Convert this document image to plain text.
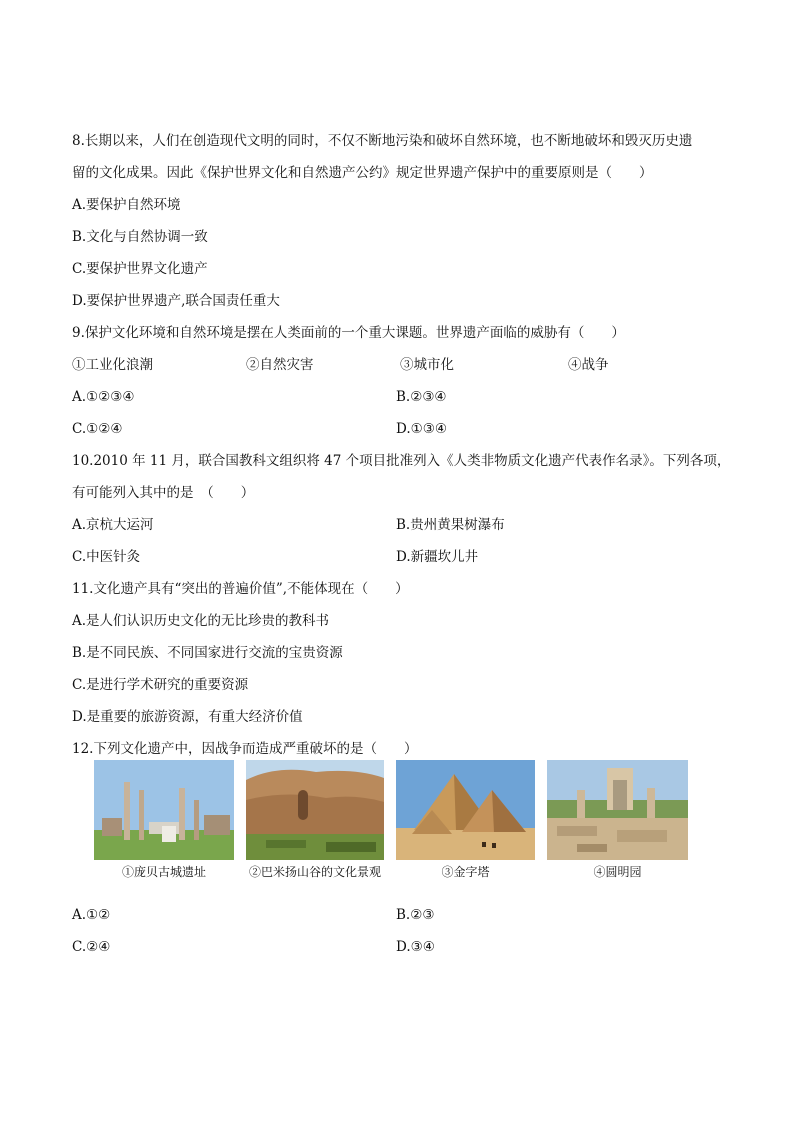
8.长期以来，人们在创造现代文明的同时，不仅不断地污染和破坏自然环境，也不断地破坏和毁灭历史遗
留的文化成果。因此《保护世界文化和自然遗产公约》规定世界遗产保护中的重要原则是（　　）
A.要保护自然环境
B.文化与自然协调一致
C.要保护世界文化遗产
D.要保护世界遗产,联合国责任重大
9.保护文化环境和自然环境是摆在人类面前的一个重大课题。世界遗产面临的威胁有（　　）
①工业化浪潮	②自然灾害	③城市化	④战争
A.①②③④	B.②③④
C.①②④	D.①③④
10.2010 年 11 月，联合国教科文组织将 47 个项目批准列入《人类非物质文化遗产代表作名录》。下列各项，
有可能列入其中的是　（　　）
A.京杭大运河	B.贵州黄果树瀑布
C.中医针灸	D.新疆坎儿井
11.文化遗产具有“突出的普遍价值”,不能体现在（　　）
A.是人们认识历史文化的无比珍贵的教科书
B.是不同民族、不同国家进行交流的宝贵资源
C.是进行学术研究的重要资源
D.是重要的旅游资源，有重大经济价值
12.下列文化遗产中，因战争而造成严重破坏的是（　　）
①庞贝古城遗址	②巴米扬山谷的文化景观	③金字塔	④圆明园
A.①②	B.②③
C.②④	D.③④
